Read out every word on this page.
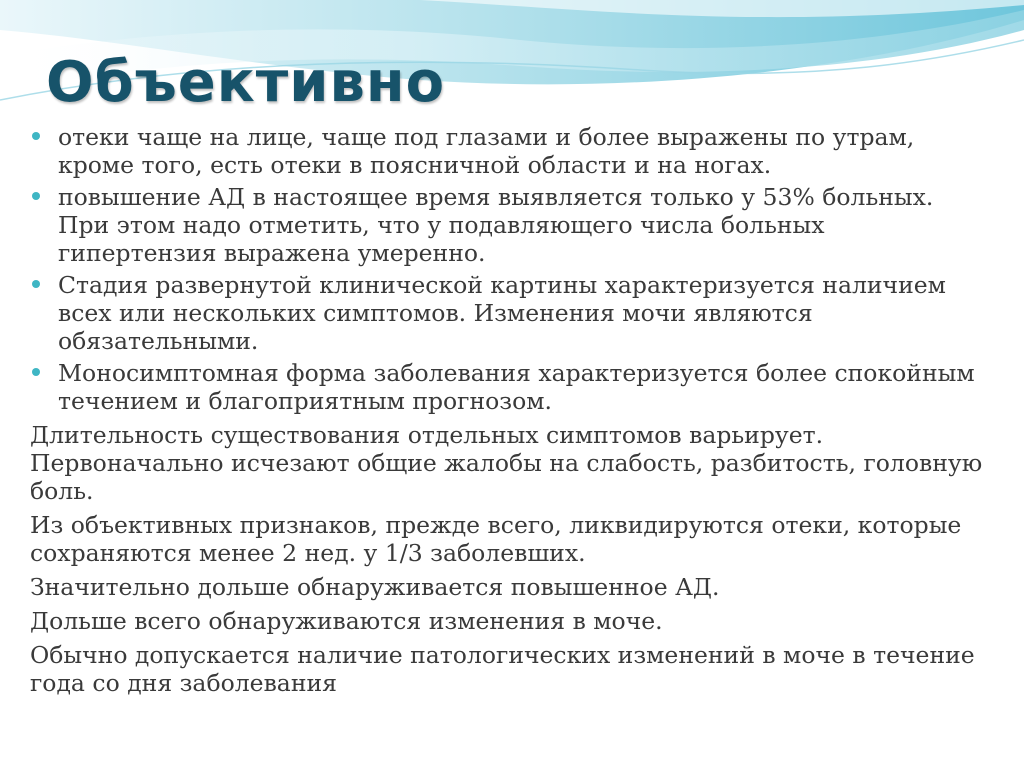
Объективно
отеки чаще на лице, чаще под глазами и более выражены по утрам, кроме того, есть отеки в поясничной области и на ногах.
повышение АД в настоящее время выявляется только у 53% больных. При этом надо отметить, что у подавляющего числа больных гипертензия выражена умеренно.
Стадия развернутой клинической картины характеризуется наличием всех или нескольких симптомов. Изменения мочи являются обязательными.
Моносимптомная форма заболевания характеризуется более спокойным течением и благоприятным прогнозом.

Длительность существования отдельных симптомов варьирует. Первоначально исчезают общие жалобы на слабость, разбитость, головную боль.

Из объективных признаков, прежде всего, ликвидируются отеки, которые сохраняются менее 2 нед. у 1/3 заболевших.

Значительно дольше обнаруживается повышенное АД.

Дольше всего обнаруживаются изменения в моче.

Обычно допускается наличие патологических изменений в моче в течение года со дня заболевания
